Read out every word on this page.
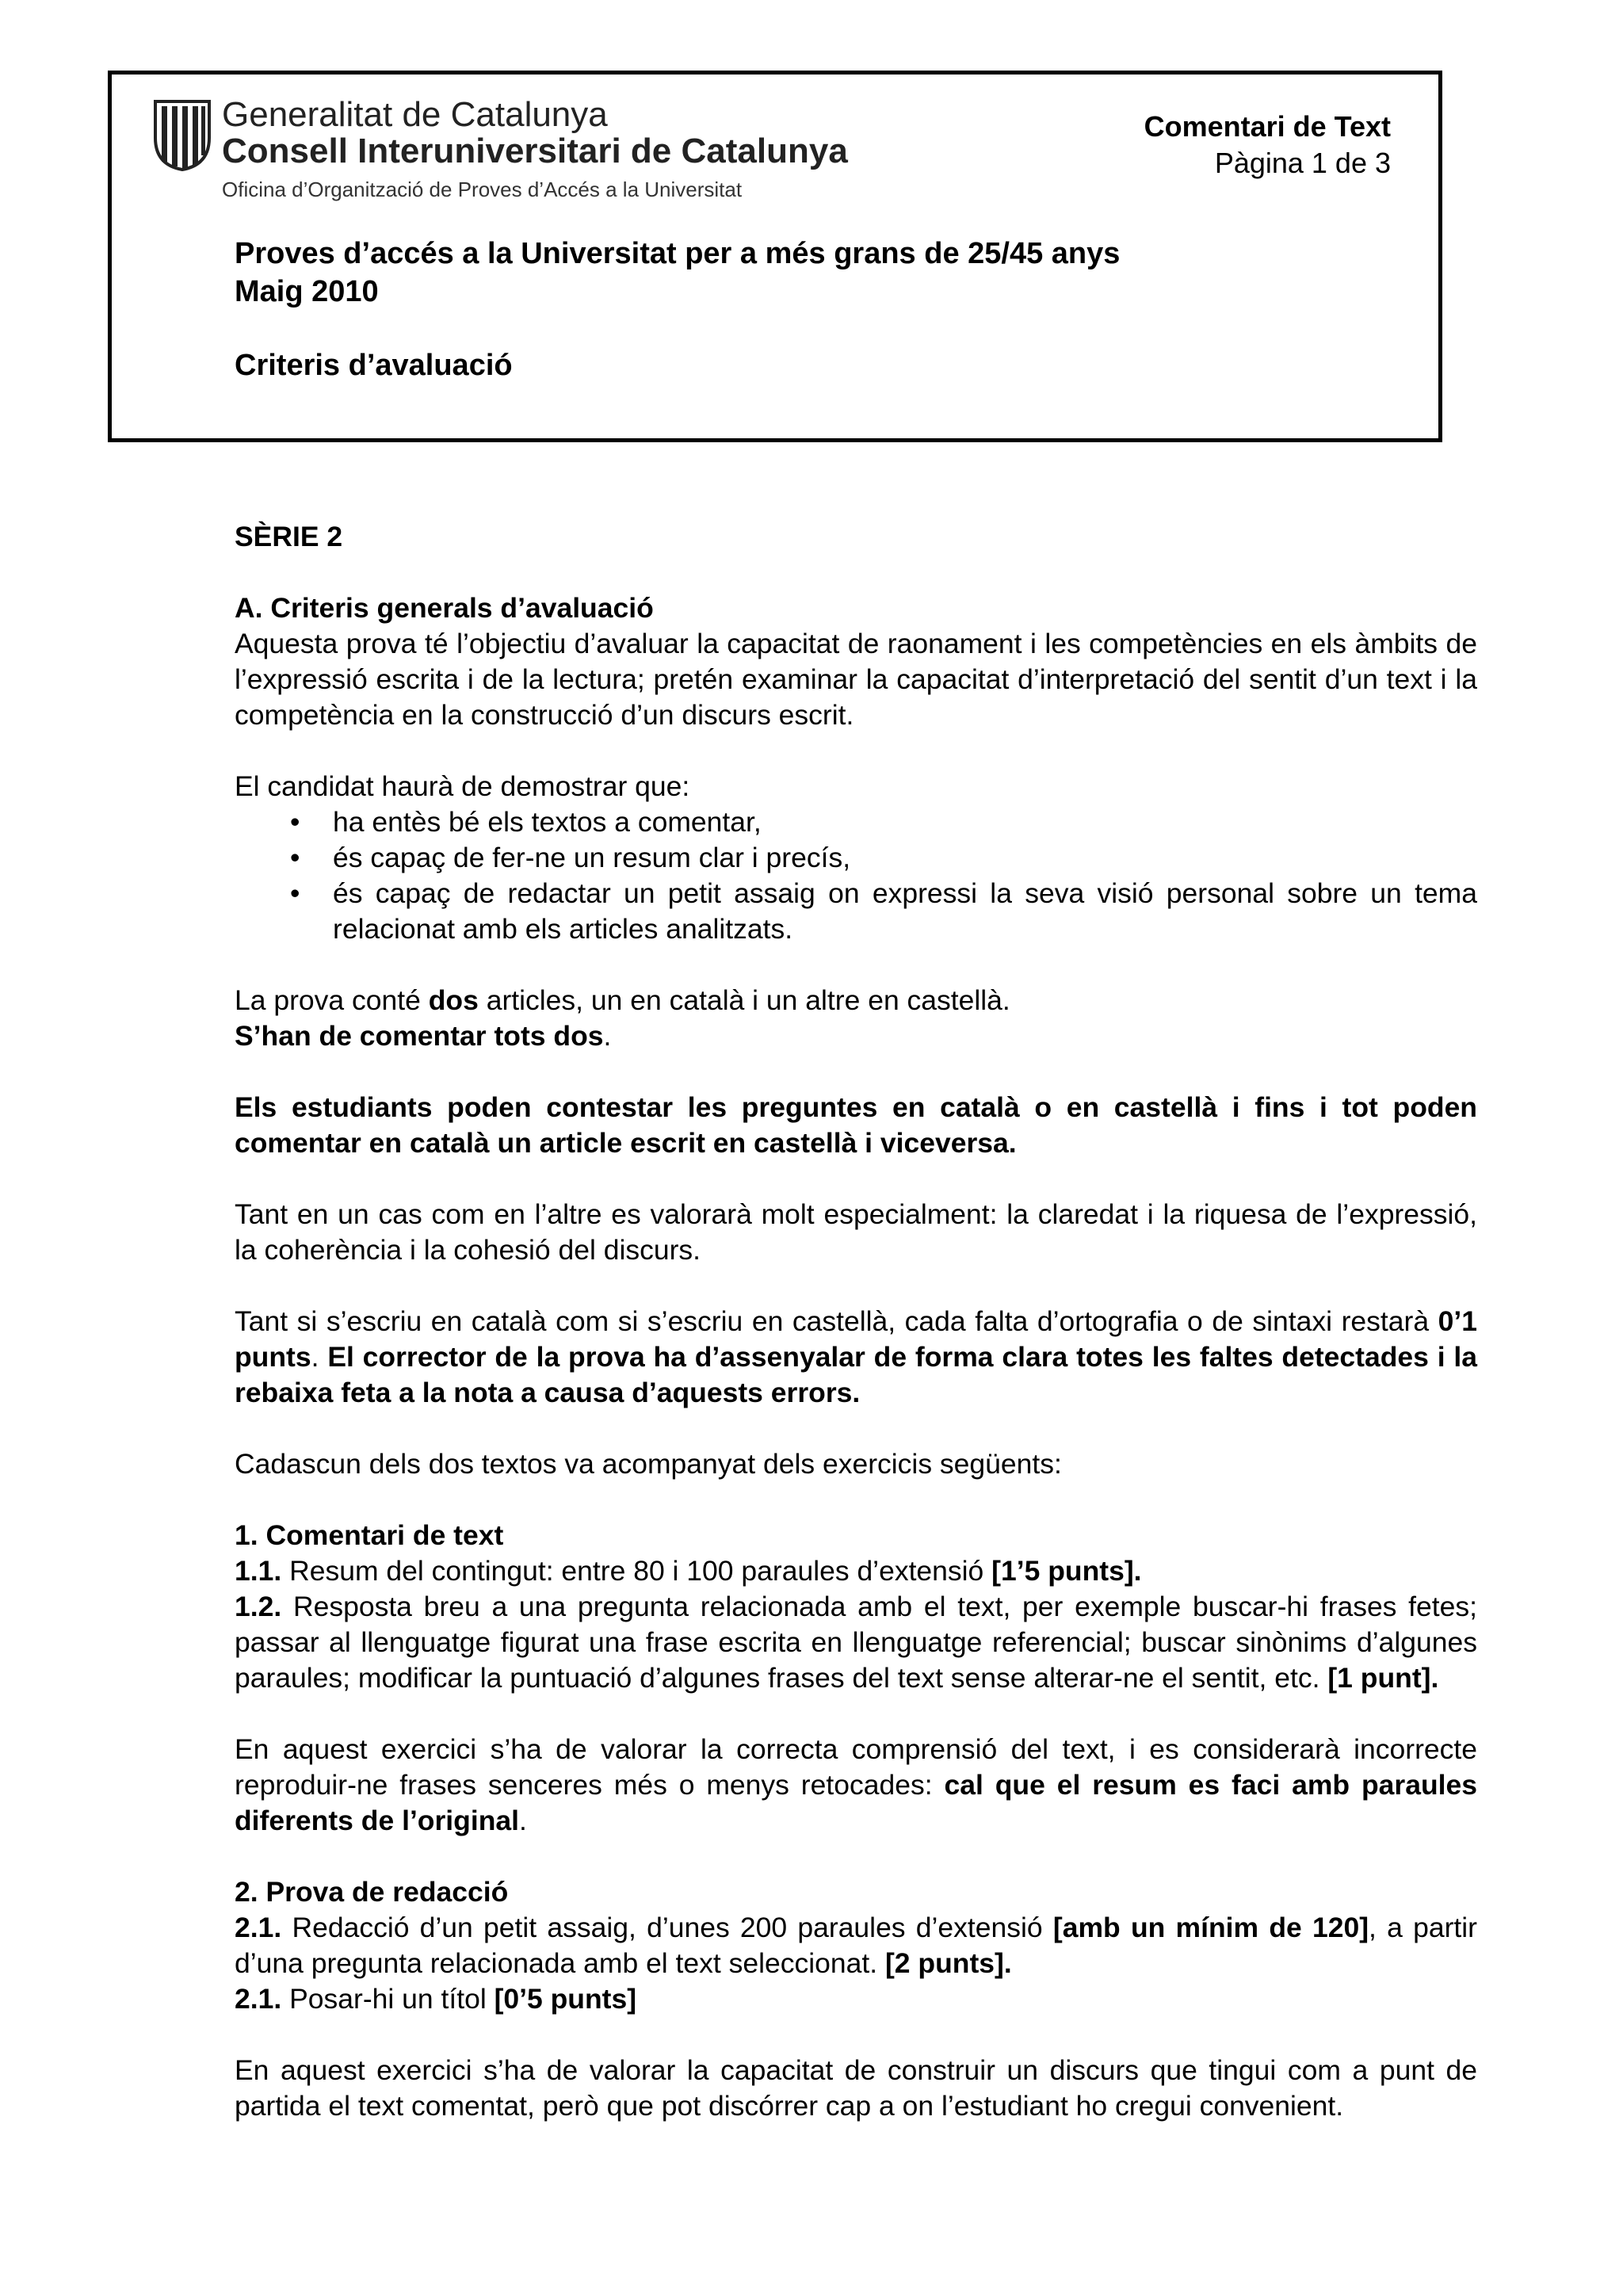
Generalitat de Catalunya
Consell Interuniversitari de Catalunya
Oficina d’Organització de Proves d’Accés a la Universitat
Comentari de Text
Pàgina 1 de 3
Proves d’accés a la Universitat per a més grans de 25/45 anys
Maig 2010
Criteris d’avaluació

SÈRIE 2

A. Criteris generals d’avaluació

Aquesta prova té l’objectiu d’avaluar la capacitat de raonament i les competències en els àmbits de l’expressió escrita i de la lectura; pretén examinar la capacitat d’interpretació del sentit d’un text i la competència en la construcció d’un discurs escrit.

El candidat haurà de demostrar que:

• ha entès bé els textos a comentar,
• és capaç de fer-ne un resum clar i precís,
• és capaç de redactar un petit assaig on expressi la seva visió personal sobre un tema relacionat amb els articles analitzats.

La prova conté dos articles, un en català i un altre en castellà.

S’han de comentar tots dos.

Els estudiants poden contestar les preguntes en català o en castellà i fins i tot poden comentar en català un article escrit en castellà i viceversa.

Tant en un cas com en l’altre es valorarà molt especialment: la claredat i la riquesa de l’expressió, la coherència i la cohesió del discurs.

Tant si s’escriu en català com si s’escriu en castellà, cada falta d’ortografia o de sintaxi restarà 0’1 punts. El corrector de la prova ha d’assenyalar de forma clara totes les faltes detectades i la rebaixa feta a la nota a causa d’aquests errors.

Cadascun dels dos textos va acompanyat dels exercicis següents:

1. Comentari de text

1.1. Resum del contingut: entre 80 i 100 paraules d’extensió [1’5 punts].

1.2. Resposta breu a una pregunta relacionada amb el text, per exemple buscar-hi frases fetes; passar al llenguatge figurat una frase escrita en llenguatge referencial; buscar sinònims d’algunes paraules; modificar la puntuació d’algunes frases del text sense alterar-ne el sentit, etc. [1 punt].

En aquest exercici s’ha de valorar la correcta comprensió del text, i es considerarà incorrecte reproduir-ne frases senceres més o menys retocades: cal que el resum es faci amb paraules diferents de l’original.

2. Prova de redacció

2.1. Redacció d’un petit assaig, d’unes 200 paraules d’extensió [amb un mínim de 120], a partir d’una pregunta relacionada amb el text seleccionat. [2 punts].

2.1. Posar-hi un títol [0’5 punts]

En aquest exercici s’ha de valorar la capacitat de construir un discurs que tingui com a punt de partida el text comentat, però que pot discórrer cap a on l’estudiant ho cregui convenient.
